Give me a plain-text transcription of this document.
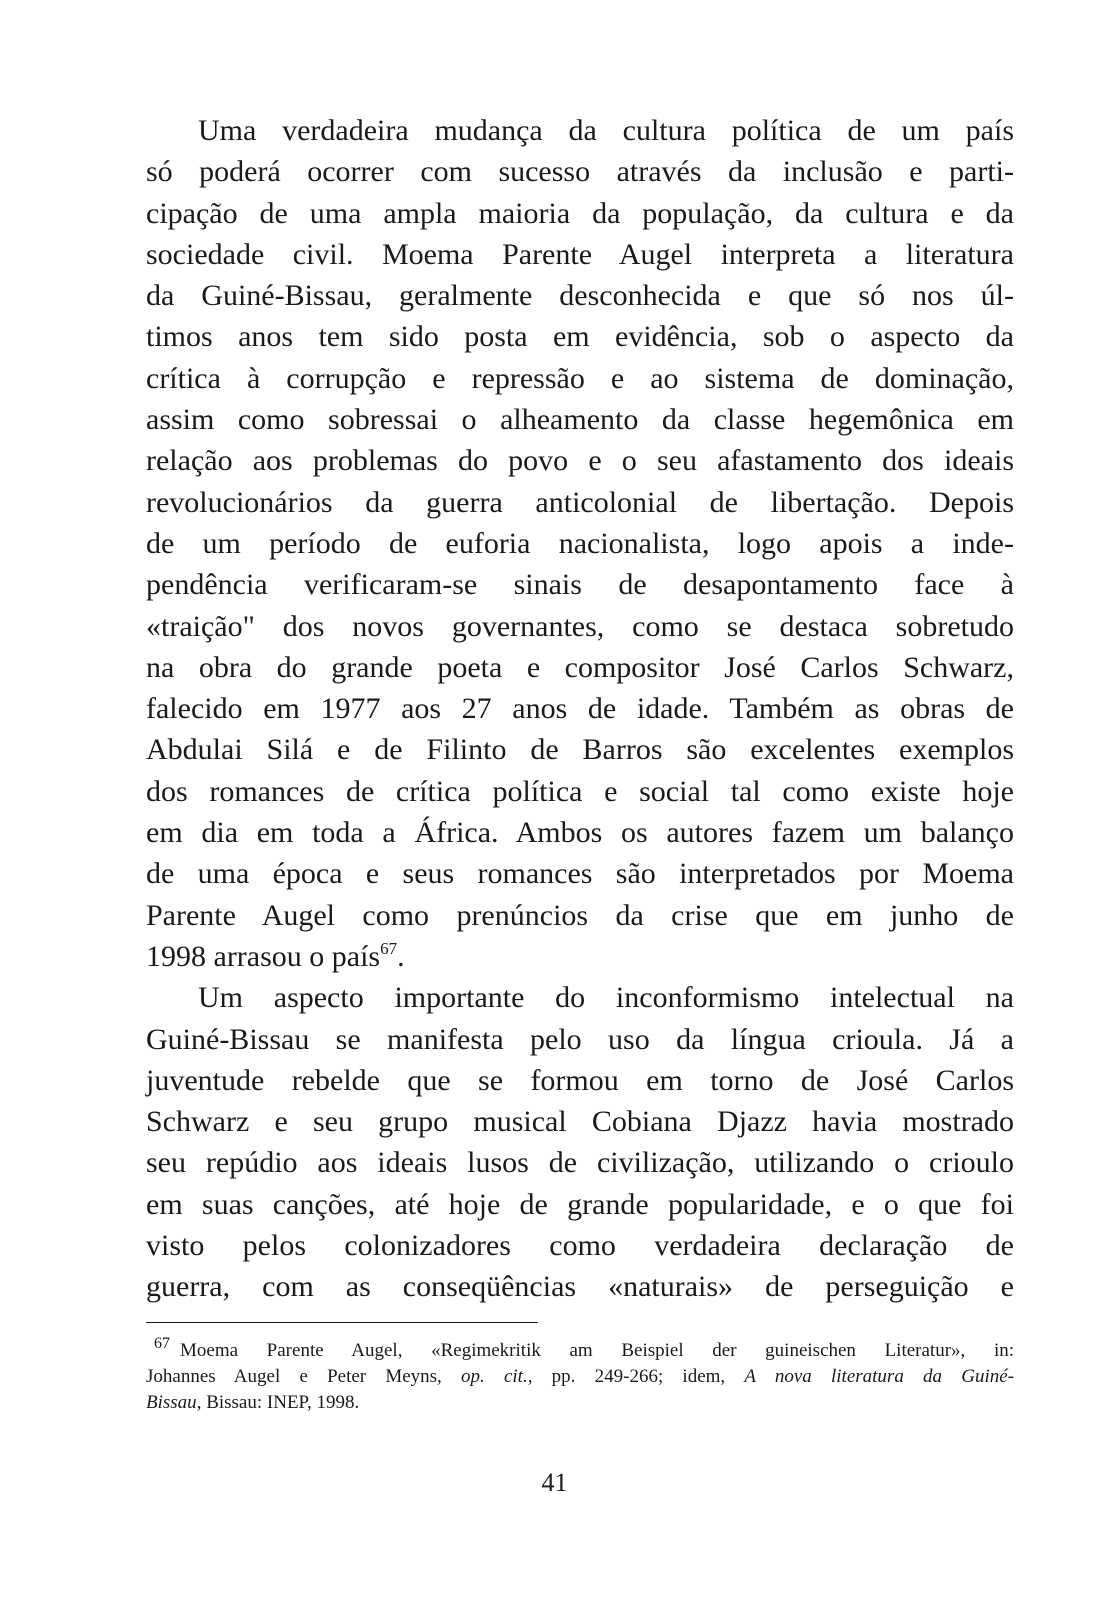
Uma verdadeira mudança da cultura política de um país
só poderá ocorrer com sucesso através da inclusão e parti-
cipação de uma ampla maioria da população, da cultura e da
sociedade civil. Moema Parente Augel interpreta a literatura
da Guiné-Bissau, geralmente desconhecida e que só nos úl-
timos anos tem sido posta em evidência, sob o aspecto da
crítica à corrupção e repressão e ao sistema de dominação,
assim como sobressai o alheamento da classe hegemônica em
relação aos problemas do povo e o seu afastamento dos ideais
revolucionários da guerra anticolonial de libertação. Depois
de um período de euforia nacionalista, logo apois a inde-
pendência verificaram-se sinais de desapontamento face à
«traição" dos novos governantes, como se destaca sobretudo
na obra do grande poeta e compositor José Carlos Schwarz,
falecido em 1977 aos 27 anos de idade. Também as obras de
Abdulai Silá e de Filinto de Barros são excelentes exemplos
dos romances de crítica política e social tal como existe hoje
em dia em toda a África. Ambos os autores fazem um balanço
de uma época e seus romances são interpretados por Moema
Parente Augel como prenúncios da crise que em junho de
1998 arrasou o país$^{67}$.
Um aspecto importante do inconformismo intelectual na
Guiné-Bissau se manifesta pelo uso da língua crioula. Já a
juventude rebelde que se formou em torno de José Carlos
Schwarz e seu grupo musical Cobiana Djazz havia mostrado
seu repúdio aos ideais lusos de civilização, utilizando o crioulo
em suas canções, até hoje de grande popularidade, e o que foi
visto pelos colonizadores como verdadeira declaração de
guerra, com as conseqüências «naturais» de perseguição e
$^{67}$ Moema Parente Augel, «Regimekritik am Beispiel der guineischen Literatur», in:
Johannes Augel e Peter Meyns, op. cit., pp. 249-266; idem, A nova literatura da Guiné-
Bissau, Bissau: INEP, 1998.
41
